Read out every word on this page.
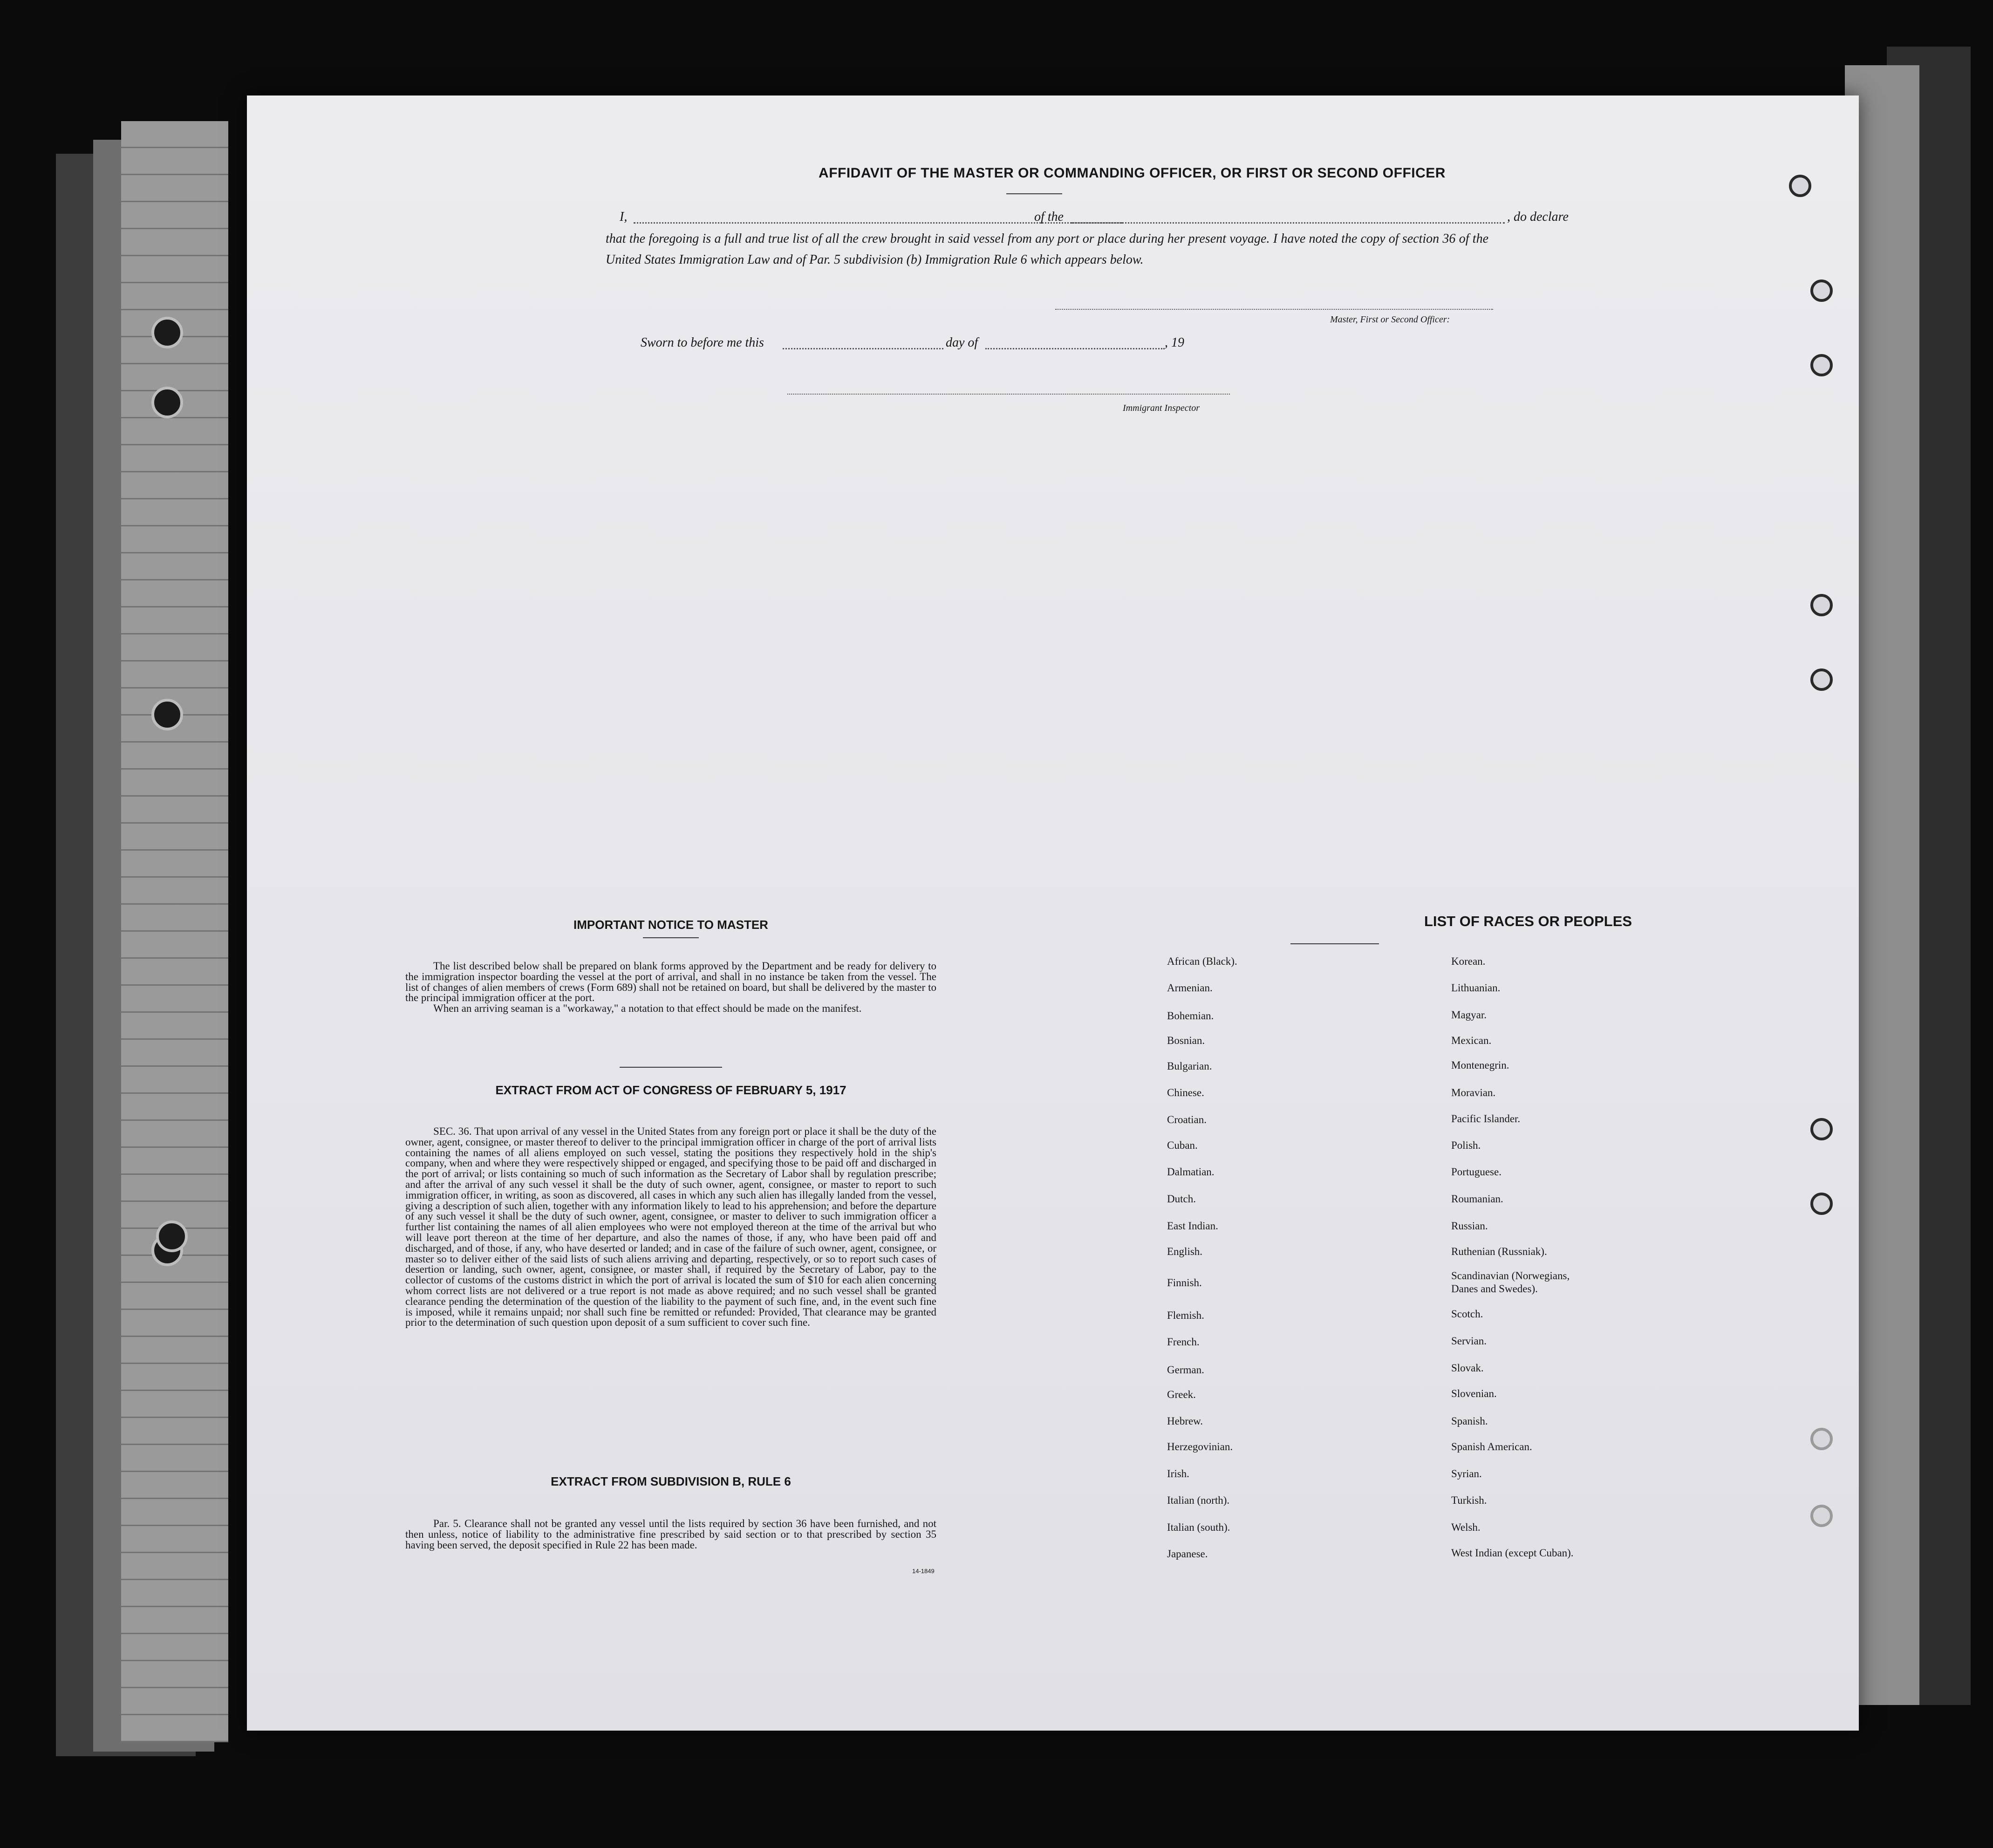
AFFIDAVIT OF THE MASTER OR COMMANDING OFFICER, OR FIRST OR SECOND OFFICER
I,	of the	, do declare
that the foregoing is a full and true list of all the crew brought in said vessel from any port or place during her present voyage. I have noted the copy of section 36 of the United States Immigration Law and of Par. 5 subdivision (b) Immigration Rule 6 which appears below.
Master, First or Second Officer:
Sworn to before me this	day of	, 19
Immigrant Inspector
IMPORTANT NOTICE TO MASTER

The list described below shall be prepared on blank forms approved by the Department and be ready for delivery to the immigration inspector boarding the vessel at the port of arrival, and shall in no instance be taken from the vessel. The list of changes of alien members of crews (Form 689) shall not be retained on board, but shall be delivered by the master to the principal immigration officer at the port.

When an arriving seaman is a "workaway," a notation to that effect should be made on the manifest.

EXTRACT FROM ACT OF CONGRESS OF FEBRUARY 5, 1917

SEC. 36. That upon arrival of any vessel in the United States from any foreign port or place it shall be the duty of the owner, agent, consignee, or master thereof to deliver to the principal immigration officer in charge of the port of arrival lists containing the names of all aliens employed on such vessel, stating the positions they respectively hold in the ship's company, when and where they were respectively shipped or engaged, and specifying those to be paid off and discharged in the port of arrival; or lists containing so much of such information as the Secretary of Labor shall by regulation prescribe; and after the arrival of any such vessel it shall be the duty of such owner, agent, consignee, or master to report to such immigration officer, in writing, as soon as discovered, all cases in which any such alien has illegally landed from the vessel, giving a description of such alien, together with any information likely to lead to his apprehension; and before the departure of any such vessel it shall be the duty of such owner, agent, consignee, or master to deliver to such immigration officer a further list containing the names of all alien employees who were not employed thereon at the time of the arrival but who will leave port thereon at the time of her departure, and also the names of those, if any, who have been paid off and discharged, and of those, if any, who have deserted or landed; and in case of the failure of such owner, agent, consignee, or master so to deliver either of the said lists of such aliens arriving and departing, respectively, or so to report such cases of desertion or landing, such owner, agent, consignee, or master shall, if required by the Secretary of Labor, pay to the collector of customs of the customs district in which the port of arrival is located the sum of $10 for each alien concerning whom correct lists are not delivered or a true report is not made as above required; and no such vessel shall be granted clearance pending the determination of the question of the liability to the payment of such fine, and, in the event such fine is imposed, while it remains unpaid; nor shall such fine be remitted or refunded: Provided, That clearance may be granted prior to the determination of such question upon deposit of a sum sufficient to cover such fine.

EXTRACT FROM SUBDIVISION B, RULE 6

Par. 5. Clearance shall not be granted any vessel until the lists required by section 36 have been furnished, and not then unless, notice of liability to the administrative fine prescribed by said section or to that prescribed by section 35 having been served, the deposit specified in Rule 22 has been made.

14-1849
LIST OF RACES OR PEOPLES
African (Black).
Armenian.
Bohemian.
Bosnian.
Bulgarian.
Chinese.
Croatian.
Cuban.
Dalmatian.
Dutch.
East Indian.
English.
Finnish.
Flemish.
French.
German.
Greek.
Hebrew.
Herzegovinian.
Irish.
Italian (north).
Italian (south).
Japanese.
Korean.
Lithuanian.
Magyar.
Mexican.
Montenegrin.
Moravian.
Pacific Islander.
Polish.
Portuguese.
Roumanian.
Russian.
Ruthenian (Russniak).
Scandinavian (Norwegians,
Danes and Swedes).
Scotch.
Servian.
Slovak.
Slovenian.
Spanish.
Spanish American.
Syrian.
Turkish.
Welsh.
West Indian (except Cuban).
